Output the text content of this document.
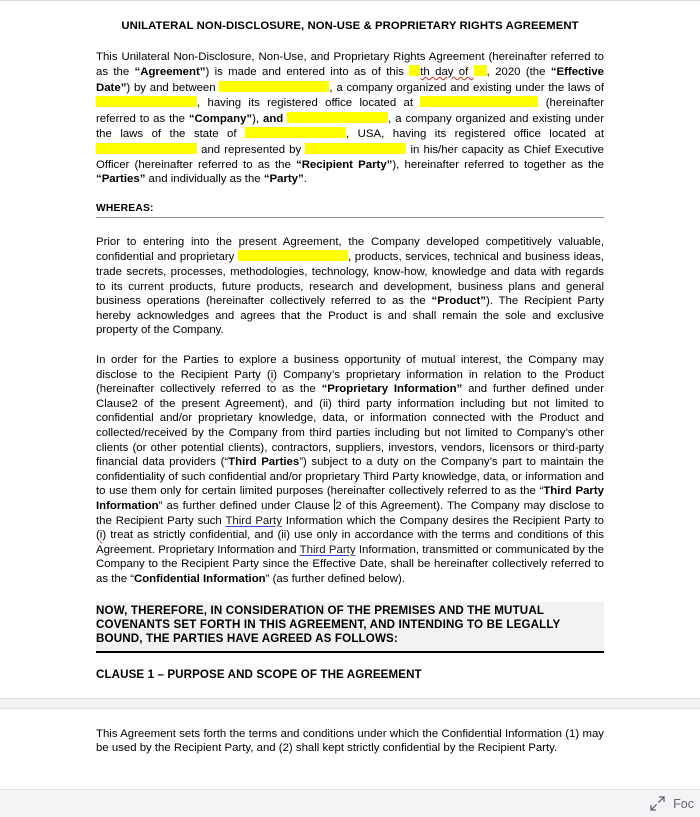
UNILATERAL NON-DISCLOSURE, NON-USE & PROPRIETARY RIGHTS AGREEMENT

This Unilateral Non-Disclosure, Non-Use, and Proprietary Rights Agreement (hereinafter referred to as the “Agreement”) is made and entered into as of this th day of , 2020 (the “Effective Date”) by and between	, a company organized and existing under the laws of , having its registered office located at	(hereinafter referred to as the “Company”), and	, a company organized and existing under the laws of the state of	, USA, having its registered office located at  and represented by	in his/her capacity as Chief Executive Officer (hereinafter referred to as the “Recipient Party”), hereinafter referred to together as the “Parties” and individually as the “Party”.

WHEREAS:

Prior to entering into the present Agreement, the Company developed competitively valuable, confidential and proprietary	, products, services, technical and business ideas, trade secrets, processes, methodologies, technology, know-how, knowledge and data with regards to its current products, future products, research and development, business plans and general business operations (hereinafter collectively referred to as the “Product”). The Recipient Party hereby acknowledges and agrees that the Product is and shall remain the sole and exclusive property of the Company.

In order for the Parties to explore a business opportunity of mutual interest, the Company may disclose to the Recipient Party (i) Company’s proprietary information in relation to the Product (hereinafter collectively referred to as the “Proprietary Information” and further defined under Clause2 of the present Agreement), and (ii) third party information including but not limited to confidential and/or proprietary knowledge, data, or information connected with the Product and collected/received by the Company from third parties including but not limited to Company’s other clients (or other potential clients), contractors, suppliers, investors, vendors, licensors or third-party financial data providers (“Third Parties”) subject to a duty on the Company’s part to maintain the confidentiality of such confidential and/or proprietary Third Party knowledge, data, or information and to use them only for certain limited purposes (hereinafter collectively referred to as the “Third Party Information” as further defined under Clause 2 of this Agreement). The Company may disclose to the Recipient Party such Third Party Information which the Company desires the Recipient Party to (i) treat as strictly confidential, and (ii) use only in accordance with the terms and conditions of this Agreement. Proprietary Information and Third Party Information, transmitted or communicated by the Company to the Recipient Party since the Effective Date, shall be hereinafter collectively referred to as the “Confidential Information” (as further defined below).

NOW, THEREFORE, IN CONSIDERATION OF THE PREMISES AND THE MUTUAL COVENANTS SET FORTH IN THIS AGREEMENT, AND INTENDING TO BE LEGALLY BOUND, THE PARTIES HAVE AGREED AS FOLLOWS:
CLAUSE 1 – PURPOSE AND SCOPE OF THE AGREEMENT

This Agreement sets forth the terms and conditions under which the Confidential Information (1) may be used by the Recipient Party, and (2) shall kept strictly confidential by the Recipient Party.

Foc
